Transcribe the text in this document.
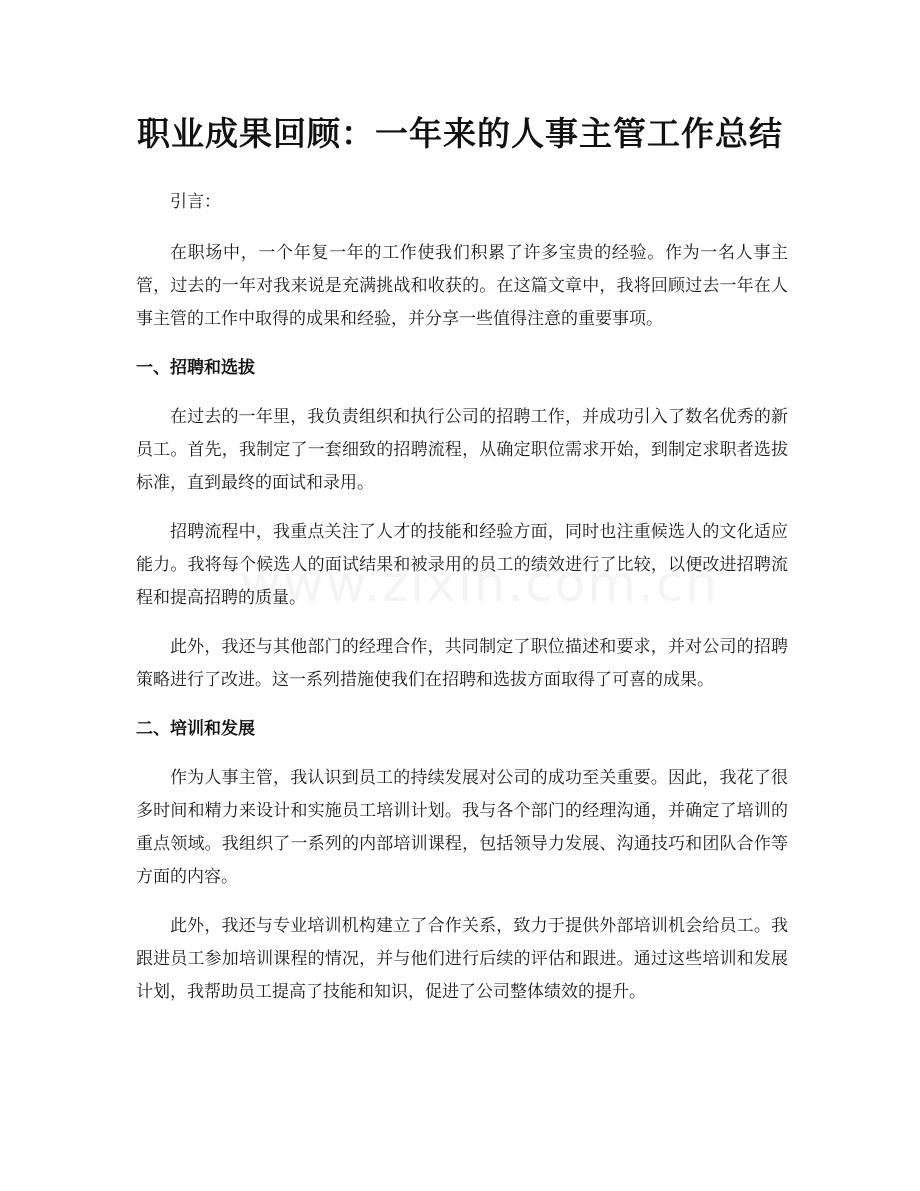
职业成果回顾：一年来的人事主管工作总结

引言：

在职场中，一个年复一年的工作使我们积累了许多宝贵的经验。作为一名人事主管，过去的一年对我来说是充满挑战和收获的。在这篇文章中，我将回顾过去一年在人事主管的工作中取得的成果和经验，并分享一些值得注意的重要事项。

一、招聘和选拔

在过去的一年里，我负责组织和执行公司的招聘工作，并成功引入了数名优秀的新员工。首先，我制定了一套细致的招聘流程，从确定职位需求开始，到制定求职者选拔标准，直到最终的面试和录用。

招聘流程中，我重点关注了人才的技能和经验方面，同时也注重候选人的文化适应能力。我将每个候选人的面试结果和被录用的员工的绩效进行了比较，以便改进招聘流程和提高招聘的质量。

此外，我还与其他部门的经理合作，共同制定了职位描述和要求，并对公司的招聘策略进行了改进。这一系列措施使我们在招聘和选拔方面取得了可喜的成果。

二、培训和发展

作为人事主管，我认识到员工的持续发展对公司的成功至关重要。因此，我花了很多时间和精力来设计和实施员工培训计划。我与各个部门的经理沟通，并确定了培训的重点领域。我组织了一系列的内部培训课程，包括领导力发展、沟通技巧和团队合作等方面的内容。

此外，我还与专业培训机构建立了合作关系，致力于提供外部培训机会给员工。我跟进员工参加培训课程的情况，并与他们进行后续的评估和跟进。通过这些培训和发展计划，我帮助员工提高了技能和知识，促进了公司整体绩效的提升。
